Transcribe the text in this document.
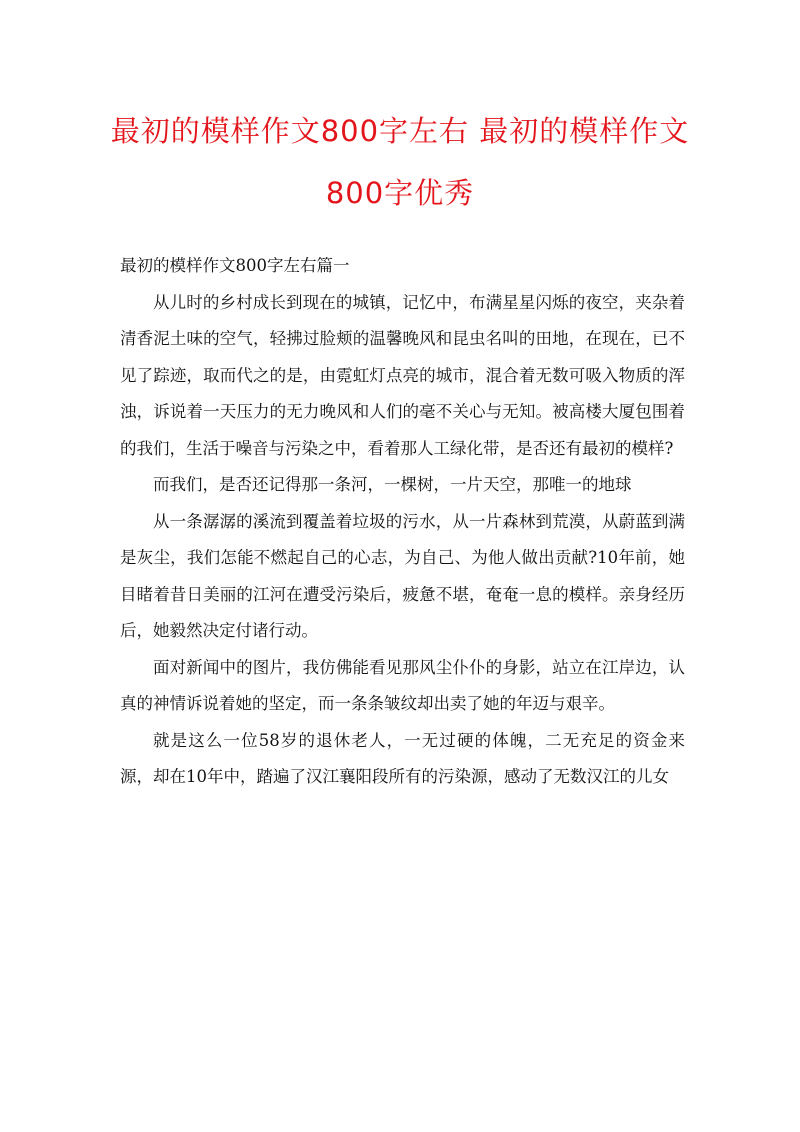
最初的模样作文800字左右 最初的模样作文800字优秀

最初的模样作文800字左右篇一

从儿时的乡村成长到现在的城镇，记忆中，布满星星闪烁的夜空，夹杂着清香泥土味的空气，轻拂过脸颊的温馨晚风和昆虫名叫的田地，在现在，已不见了踪迹，取而代之的是，由霓虹灯点亮的城市，混合着无数可吸入物质的浑浊，诉说着一天压力的无力晚风和人们的毫不关心与无知。被高楼大厦包围着的我们，生活于噪音与污染之中，看着那人工绿化带，是否还有最初的模样?

而我们，是否还记得那一条河，一棵树，一片天空，那唯一的地球

从一条潺潺的溪流到覆盖着垃圾的污水，从一片森林到荒漠，从蔚蓝到满是灰尘，我们怎能不燃起自己的心志，为自己、为他人做出贡献?10年前，她目睹着昔日美丽的江河在遭受污染后，疲惫不堪，奄奄一息的模样。亲身经历后，她毅然决定付诸行动。

面对新闻中的图片，我仿佛能看见那风尘仆仆的身影，站立在江岸边，认真的神情诉说着她的坚定，而一条条皱纹却出卖了她的年迈与艰辛。

就是这么一位58岁的退休老人，一无过硬的体魄，二无充足的资金来源，却在10年中，踏遍了汉江襄阳段所有的污染源，感动了无数汉江的儿女
